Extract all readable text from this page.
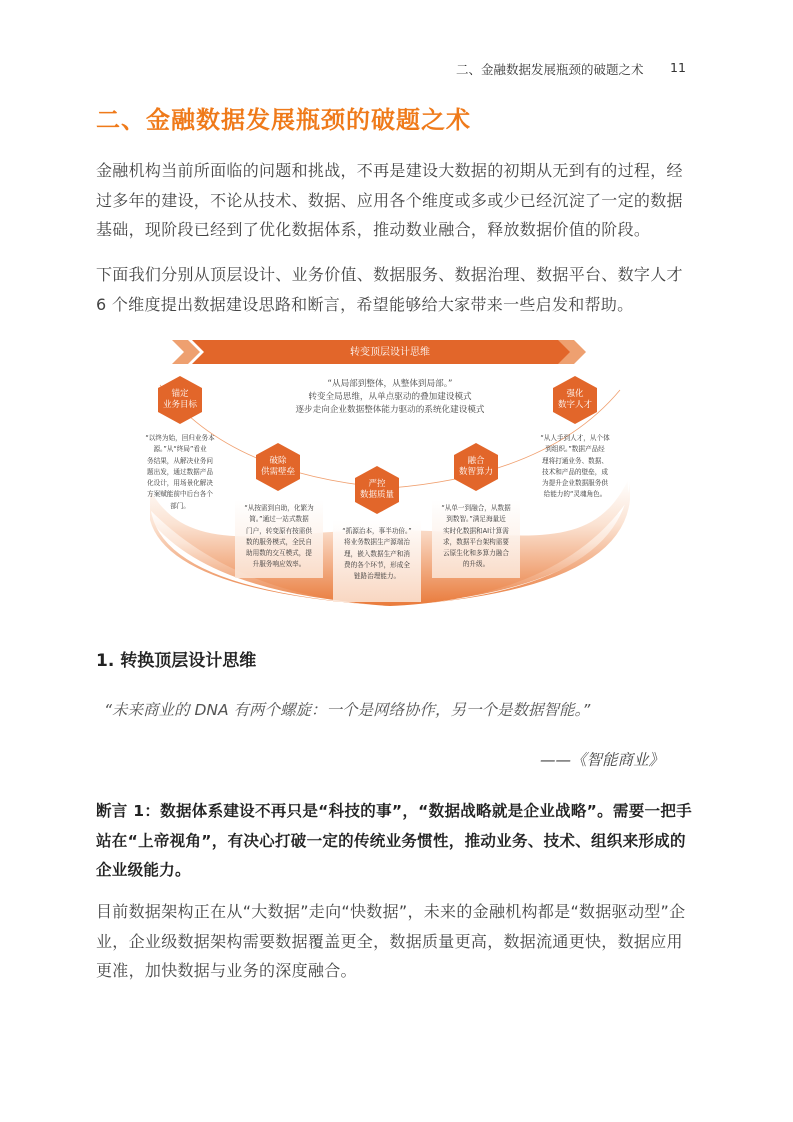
二、金融数据发展瓶颈的破题之术 11
二、金融数据发展瓶颈的破题之术

金融机构当前所面临的问题和挑战，不再是建设大数据的初期从无到有的过程，经过多年的建设，不论从技术、数据、应用各个维度或多或少已经沉淀了一定的数据基础，现阶段已经到了优化数据体系，推动数业融合，释放数据价值的阶段。

下面我们分别从顶层设计、业务价值、数据服务、数据治理、数据平台、数字人才 6 个维度提出数据建设思路和断言，希望能够给大家带来一些启发和帮助。

转变顶层设计思维
“从局部到整体，从整体到局部。”
转变全局思维，从单点驱动的叠加建设模式
逐步走向企业数据整体能力驱动的系统化建设模式
锚定
业务目标
“以终为始，回归业务本
源。”从“终局”看业
务结果，从解决业务问
题出发，通过数据产品
化设计，用场景化解决
方案赋能前中后台各个
部门。
破除
供需壁垒
“从按需到自助，化繁为
简。”通过一站式数据
门户，转变原有按需供
数的服务模式，全民自
助用数的交互模式，提
升服务响应效率。
严控
数据质量
“抓源治本，事半功倍。”
将业务数据生产源端治
理，嵌入数据生产和消
费的各个环节，形成全
链路治理能力。
融合
数智算力
“从单一到融合，从数据
到数智。”满足海量近
实时化数据和AI计算需
求，数据平台架构需要
云原生化和多算力融合
的升级。
强化
数字人才
“从人手到人才，从个体
到组织。”数据产品经
理将打通业务、数据、
技术和产品的壁垒，成
为提升企业数据服务供
给能力的“灵魂角色。
1. 转换顶层设计思维

“未来商业的 DNA 有两个螺旋：一个是网络协作，另一个是数据智能。”

——《智能商业》

断言 1：数据体系建设不再只是“科技的事”，“数据战略就是企业战略”。需要一把手站在“上帝视角”，有决心打破一定的传统业务惯性，推动业务、技术、组织来形成的企业级能力。

目前数据架构正在从“大数据”走向“快数据”，未来的金融机构都是“数据驱动型”企业，企业级数据架构需要数据覆盖更全，数据质量更高，数据流通更快，数据应用更准，加快数据与业务的深度融合。
